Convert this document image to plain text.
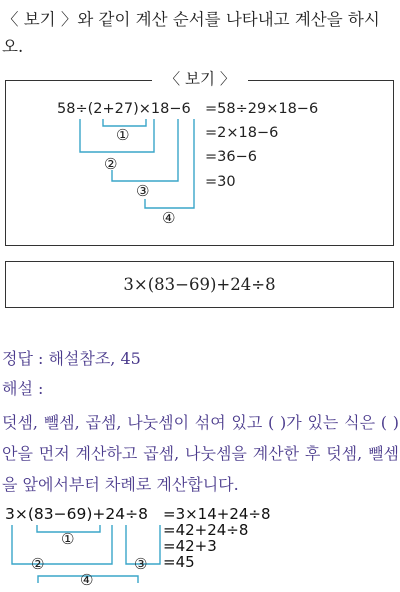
〈 보기 〉와 같이 계산 순서를 나타내고 계산을 하시오.
〈 보기 〉
58÷(2+27)×18−6 =58÷29×18−6
=2×18−6
=36−6
=30
①
②
③
④
3×(83−69)+24÷8
정답 : 해설참조, 45
해설 :
덧셈, 뺄셈, 곱셈, 나눗셈이 섞여 있고 ( )가 있는 식은 ( ) 안을 먼저 계산하고 곱셈, 나눗셈을 계산한 후 덧셈, 뺄셈을 앞에서부터 차례로 계산합니다.
3×(83−69)+24÷8 =3×14+24÷8
=42+24÷8
=42+3
=45
①
②	③
④
